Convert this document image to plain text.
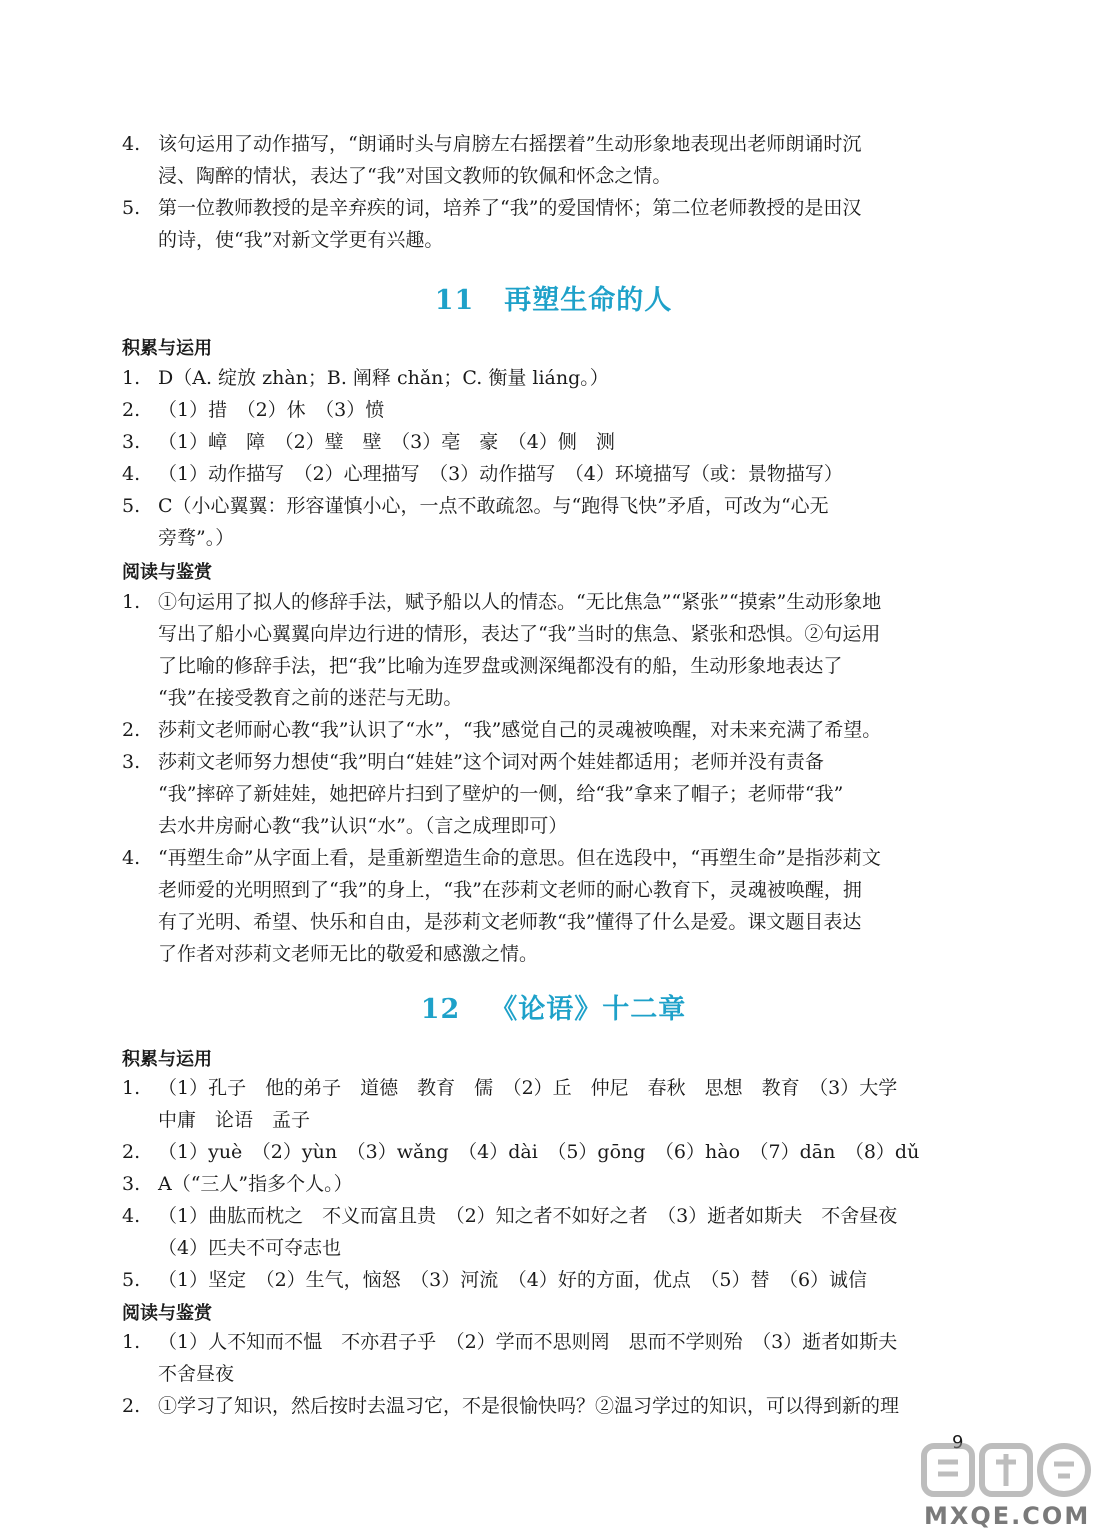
4. 该句运用了动作描写，“朗诵时头与肩膀左右摇摆着”生动形象地表现出老师朗诵时沉
浸、陶醉的情状，表达了“我”对国文教师的钦佩和怀念之情。
5. 第一位教师教授的是辛弃疾的词，培养了“我”的爱国情怀；第二位老师教授的是田汉
的诗，使“我”对新文学更有兴趣。
11 再塑生命的人
积累与运用
1. D（A. 绽放 zhàn；B. 阐释 chǎn；C. 衡量 liáng。）
2. （1）措　（2）休　（3）愤
3. （1）嶂　障　（2）璧　壁　（3）亳　豪　（4）侧　测
4. （1）动作描写　（2）心理描写　（3）动作描写　（4）环境描写（或：景物描写）
5. C（小心翼翼：形容谨慎小心，一点不敢疏忽。与“跑得飞快”矛盾，可改为“心无
旁骛”。）
阅读与鉴赏
1. ①句运用了拟人的修辞手法，赋予船以人的情态。“无比焦急”“紧张”“摸索”生动形象地
写出了船小心翼翼向岸边行进的情形，表达了“我”当时的焦急、紧张和恐惧。②句运用
了比喻的修辞手法，把“我”比喻为连罗盘或测深绳都没有的船，生动形象地表达了
“我”在接受教育之前的迷茫与无助。
2. 莎莉文老师耐心教“我”认识了“水”，“我”感觉自己的灵魂被唤醒，对未来充满了希望。
3. 莎莉文老师努力想使“我”明白“娃娃”这个词对两个娃娃都适用；老师并没有责备
“我”摔碎了新娃娃，她把碎片扫到了壁炉的一侧，给“我”拿来了帽子；老师带“我”
去水井房耐心教“我”认识“水”。（言之成理即可）
4. “再塑生命”从字面上看，是重新塑造生命的意思。但在选段中，“再塑生命”是指莎莉文
老师爱的光明照到了“我”的身上，“我”在莎莉文老师的耐心教育下，灵魂被唤醒，拥
有了光明、希望、快乐和自由，是莎莉文老师教“我”懂得了什么是爱。课文题目表达
了作者对莎莉文老师无比的敬爱和感激之情。
12 《论语》十二章
积累与运用
1. （1）孔子　他的弟子　道德　教育　儒　（2）丘　仲尼　春秋　思想　教育　（3）大学
中庸　论语　孟子
2. （1）yuè　（2）yùn　（3）wǎng　（4）dài　（5）gōng　（6）hào　（7）dān　（8）dǔ
3. A（“三人”指多个人。）
4. （1）曲肱而枕之　不义而富且贵　（2）知之者不如好之者　（3）逝者如斯夫　不舍昼夜
（4）匹夫不可夺志也
5. （1）坚定　（2）生气，恼怒　（3）河流　（4）好的方面，优点　（5）替　（6）诚信
阅读与鉴赏
1. （1）人不知而不愠　不亦君子乎　（2）学而不思则罔　思而不学则殆　（3）逝者如斯夫
不舍昼夜
2. ①学习了知识，然后按时去温习它，不是很愉快吗？②温习学过的知识，可以得到新的理
9
MXQE.COM
